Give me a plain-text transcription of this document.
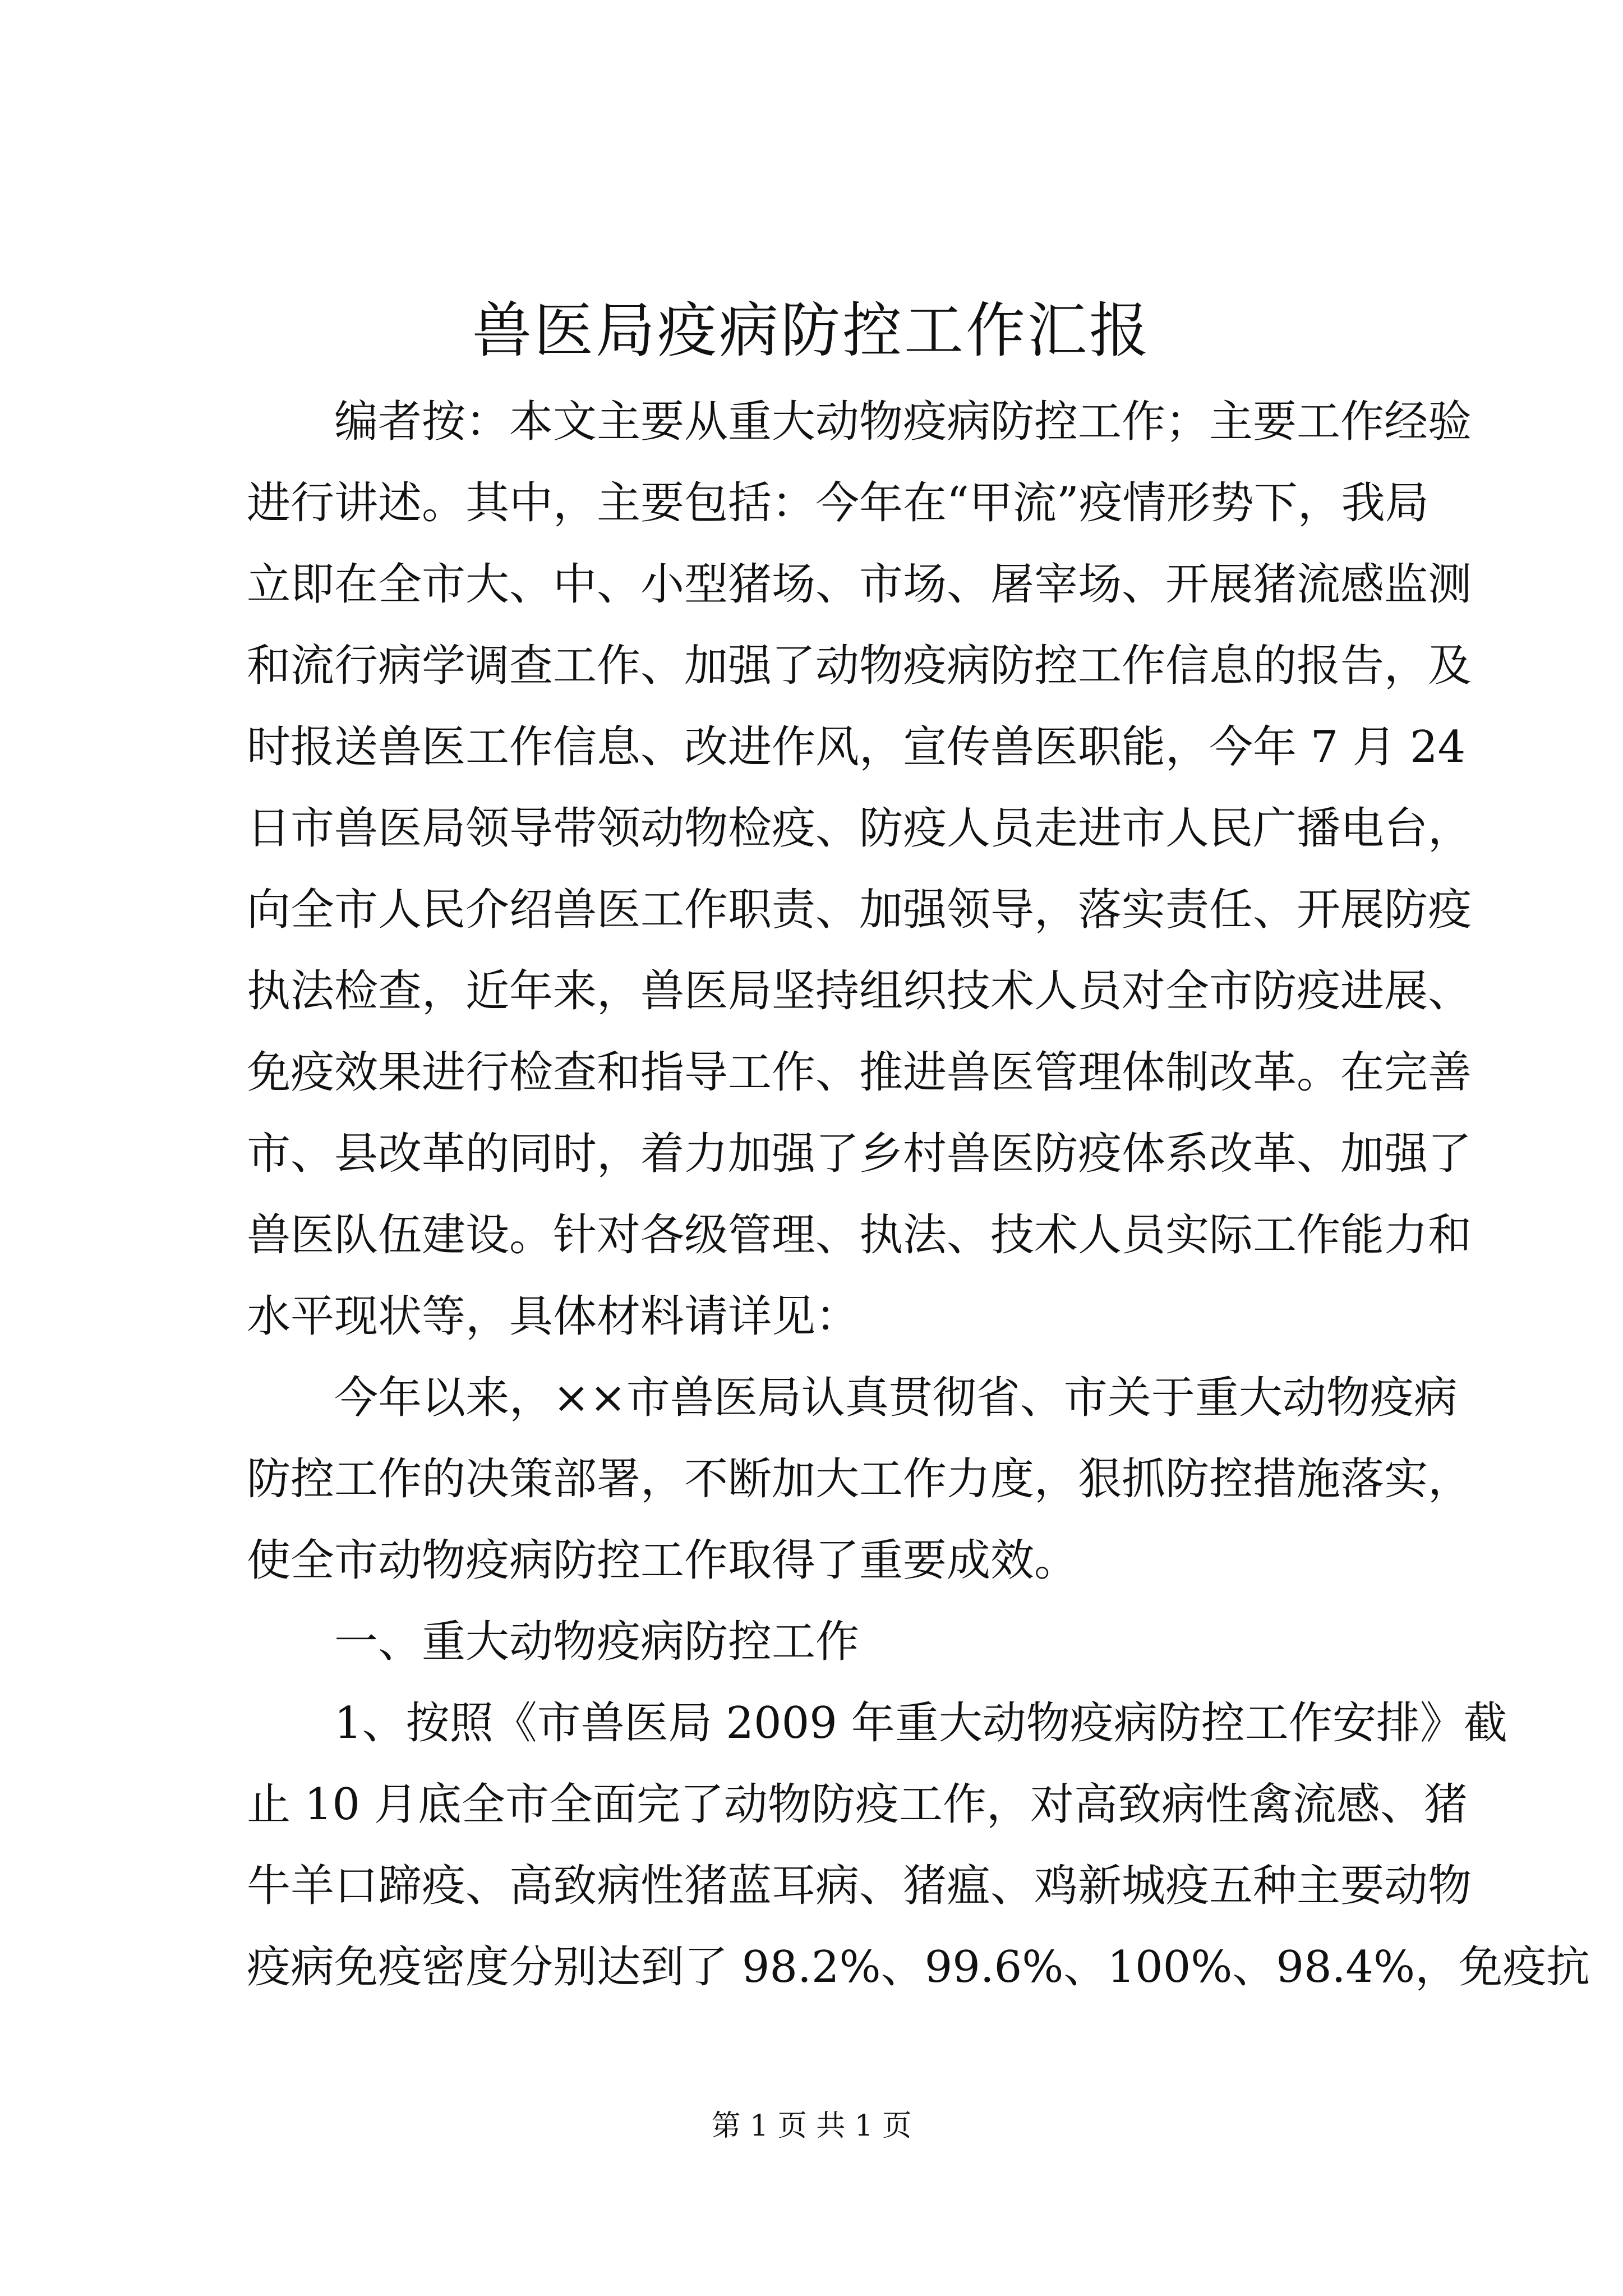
兽医局疫病防控工作汇报
编者按：本文主要从重大动物疫病防控工作；主要工作经验
进行讲述。其中，主要包括：今年在“甲流”疫情形势下，我局
立即在全市大、中、小型猪场、市场、屠宰场、开展猪流感监测
和流行病学调查工作、加强了动物疫病防控工作信息的报告，及
时报送兽医工作信息、改进作风，宣传兽医职能，今年 7 月 24
日市兽医局领导带领动物检疫、防疫人员走进市人民广播电台，
向全市人民介绍兽医工作职责、加强领导，落实责任、开展防疫
执法检查，近年来，兽医局坚持组织技术人员对全市防疫进展、
免疫效果进行检查和指导工作、推进兽医管理体制改革。在完善
市、县改革的同时，着力加强了乡村兽医防疫体系改革、加强了
兽医队伍建设。针对各级管理、执法、技术人员实际工作能力和
水平现状等，具体材料请详见：
今年以来，××市兽医局认真贯彻省、市关于重大动物疫病
防控工作的决策部署，不断加大工作力度，狠抓防控措施落实，
使全市动物疫病防控工作取得了重要成效。
一、重大动物疫病防控工作
1、按照《市兽医局 2009 年重大动物疫病防控工作安排》截
止 10 月底全市全面完了动物防疫工作，对高致病性禽流感、猪
牛羊口蹄疫、高致病性猪蓝耳病、猪瘟、鸡新城疫五种主要动物
疫病免疫密度分别达到了 98.2%、99.6%、100%、98.4%，免疫抗
第 1 页 共 1 页
